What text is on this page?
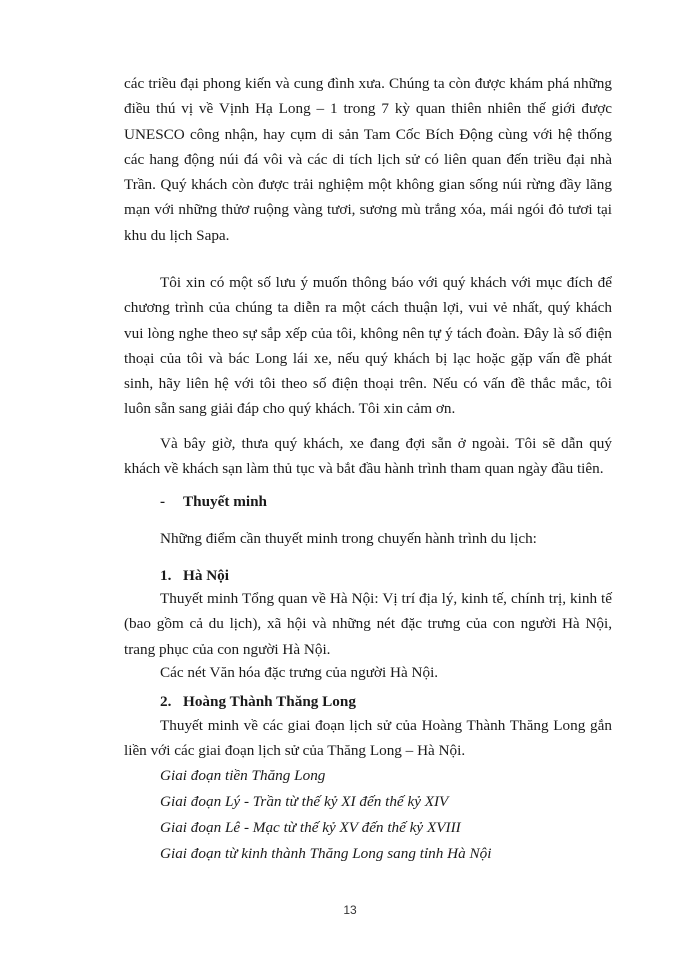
các triều đại phong kiến và cung đình xưa. Chúng ta còn được khám phá những điều thú vị về Vịnh Hạ Long – 1 trong 7 kỳ quan thiên nhiên thế giới được UNESCO công nhận, hay cụm di sản Tam Cốc Bích Động cùng với hệ thống các hang động núi đá vôi và các di tích lịch sử có liên quan đến triều đại nhà Trần. Quý khách còn được trải nghiệm một không gian sống núi rừng đầy lãng mạn với những thửơ ruộng vàng tươi, sương mù trắng xóa, mái ngói đỏ tươi tại khu du lịch Sapa.

Tôi xin có một số lưu ý muốn thông báo với quý khách với mục đích để chương trình của chúng ta diễn ra một cách thuận lợi, vui vẻ nhất, quý khách vui lòng nghe theo sự sắp xếp của tôi, không nên tự ý tách đoàn. Đây là số điện thoại của tôi và bác Long lái xe, nếu quý khách bị lạc hoặc gặp vấn đề phát sinh, hãy liên hệ với tôi theo số điện thoại trên. Nếu có vấn đề thắc mắc, tôi luôn sẵn sang giải đáp cho quý khách. Tôi xin cảm ơn.

Và bây giờ, thưa quý khách, xe đang đợi sẵn ở ngoài. Tôi sẽ dẫn quý khách về khách sạn làm thủ tục và bắt đầu hành trình tham quan ngày đầu tiên.

- Thuyết minh
Những điểm cần thuyết minh trong chuyến hành trình du lịch:
1. Hà Nội

Thuyết minh Tổng quan về Hà Nội: Vị trí địa lý, kinh tế, chính trị, kinh tế (bao gồm cả du lịch), xã hội và những nét đặc trưng của con người Hà Nội, trang phục của con người Hà Nội.

Các nét Văn hóa đặc trưng của người Hà Nội.
2. Hoàng Thành Thăng Long

Thuyết minh về các giai đoạn lịch sử của Hoàng Thành Thăng Long gắn liền với các giai đoạn lịch sử của Thăng Long – Hà Nội.

Giai đoạn tiền Thăng Long
Giai đoạn Lý - Trần từ thế kỷ XI đến thế kỷ XIV
Giai đoạn Lê - Mạc từ thế kỷ XV đến thế kỷ XVIII
Giai đoạn từ kinh thành Thăng Long sang tỉnh Hà Nội
13
